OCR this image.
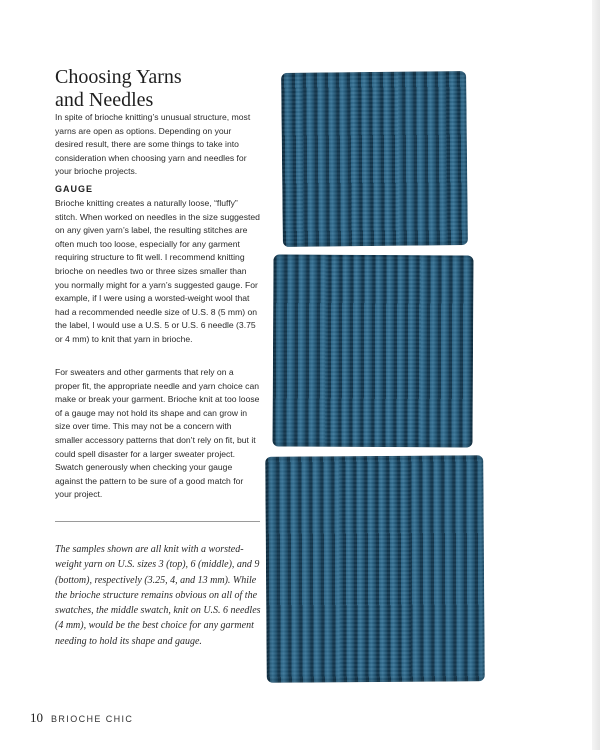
Choosing Yarns
and Needles

In spite of brioche knitting’s unusual structure, most yarns are open as options. Depending on your desired result, there are some things to take into consideration when choosing yarn and needles for your brioche projects.

GAUGE

Brioche knitting creates a naturally loose, “fluffy” stitch. When worked on needles in the size suggested on any given yarn’s label, the resulting stitches are often much too loose, especially for any garment requiring structure to fit well. I recommend knitting brioche on needles two or three sizes smaller than you normally might for a yarn’s suggested gauge. For example, if I were using a worsted-weight wool that had a recommended needle size of U.S. 8 (5 mm) on the label, I would use a U.S. 5 or U.S. 6 needle (3.75 or 4 mm) to knit that yarn in brioche.

For sweaters and other garments that rely on a proper fit, the appropriate needle and yarn choice can make or break your garment. Brioche knit at too loose of a gauge may not hold its shape and can grow in size over time. This may not be a concern with smaller accessory patterns that don’t rely on fit, but it could spell disaster for a larger sweater project. Swatch generously when checking your gauge against the pattern to be sure of a good match for your project.

The samples shown are all knit with a worsted-weight yarn on U.S. sizes 3 (top), 6 (middle), and 9 (bottom), respectively (3.25, 4, and 13 mm). While the brioche structure remains obvious on all of the swatches, the middle swatch, knit on U.S. 6 needles (4 mm), would be the best choice for any garment needing to hold its shape and gauge.

10 BRIOCHE CHIC
